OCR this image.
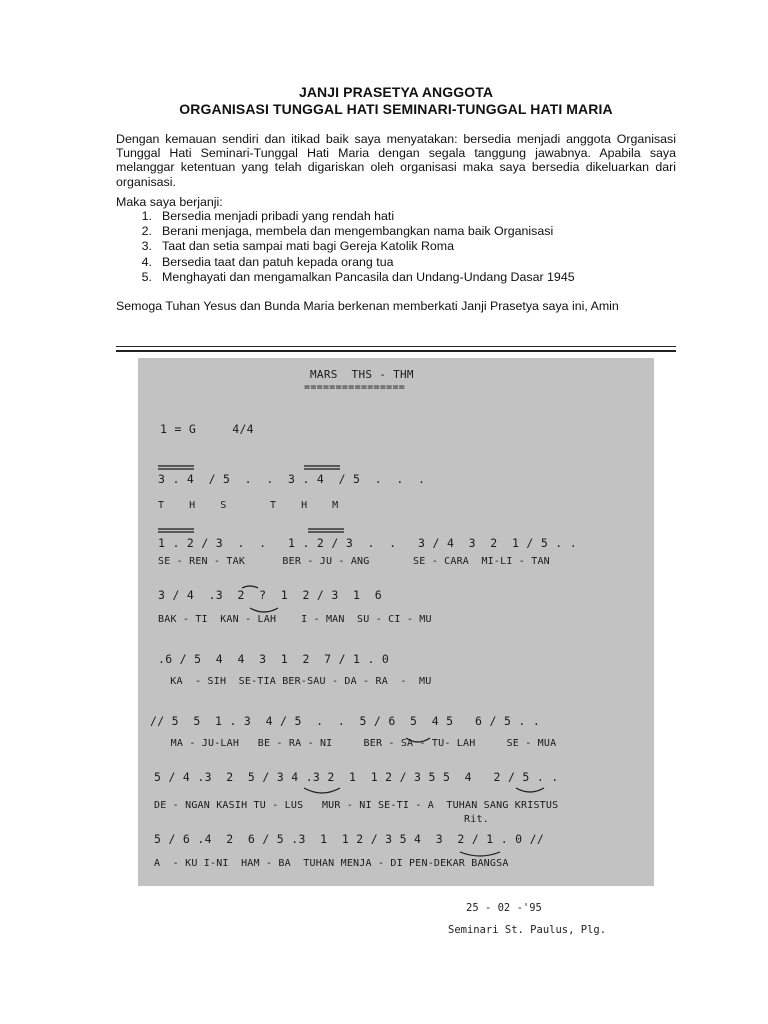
JANJI PRASETYA ANGGOTA
ORGANISASI TUNGGAL HATI SEMINARI-TUNGGAL HATI MARIA
Dengan kemauan sendiri dan itikad baik saya menyatakan: bersedia menjadi anggota Organisasi Tunggal Hati Seminari-Tunggal Hati Maria dengan segala tanggung jawabnya. Apabila saya melanggar ketentuan yang telah digariskan oleh organisasi maka saya bersedia dikeluarkan dari organisasi.
Maka saya berjanji:
1. Bersedia menjadi pribadi yang rendah hati
2. Berani menjaga, membela dan mengembangkan nama baik Organisasi
3. Taat dan setia sampai mati bagi Gereja Katolik Roma
4. Bersedia taat dan patuh kepada orang tua
5. Menghayati dan mengamalkan Pancasila dan Undang-Undang Dasar 1945
Semoga Tuhan Yesus dan Bunda Maria berkenan memberkati Janji Prasetya saya ini, Amin
MARS  THS - THM
================
1 = G     4/4
3 . 4  / 5  .  .  3 . 4  / 5  .  .  .
T    H    S       T    H    M
1 . 2 / 3  .  .   1 . 2 / 3  .  .   3 / 4  3  2  1 / 5 . .
SE - REN - TAK      BER - JU - ANG       SE - CARA  MI-LI - TAN
3 / 4  .3  2  ?  1  2 / 3  1  6
BAK - TI  KAN - LAH    I - MAN  SU - CI - MU
.6 / 5  4  4  3  1  2  7 / 1 . 0
KA  - SIH  SE-TIA BER-SAU - DA - RA  -  MU
// 5  5  1 . 3  4 / 5  .  .  5 / 6  5  4 5   6 / 5 . .
MA - JU-LAH   BE - RA - NI     BER - SA - TU- LAH     SE - MUA
5 / 4 .3  2  5 / 3 4 .3 2  1  1 2 / 3 5 5  4   2 / 5 . .
DE - NGAN KASIH TU - LUS   MUR - NI SE-TI - A  TUHAN SANG KRISTUS
Rit.
5 / 6 .4  2  6 / 5 .3  1  1 2 / 3 5 4  3  2 / 1 . 0 //
A  - KU I-NI  HAM - BA  TUHAN MENJA - DI PEN-DEKAR BANGSA
25 - 02 -'95
Seminari St. Paulus, Plg.
